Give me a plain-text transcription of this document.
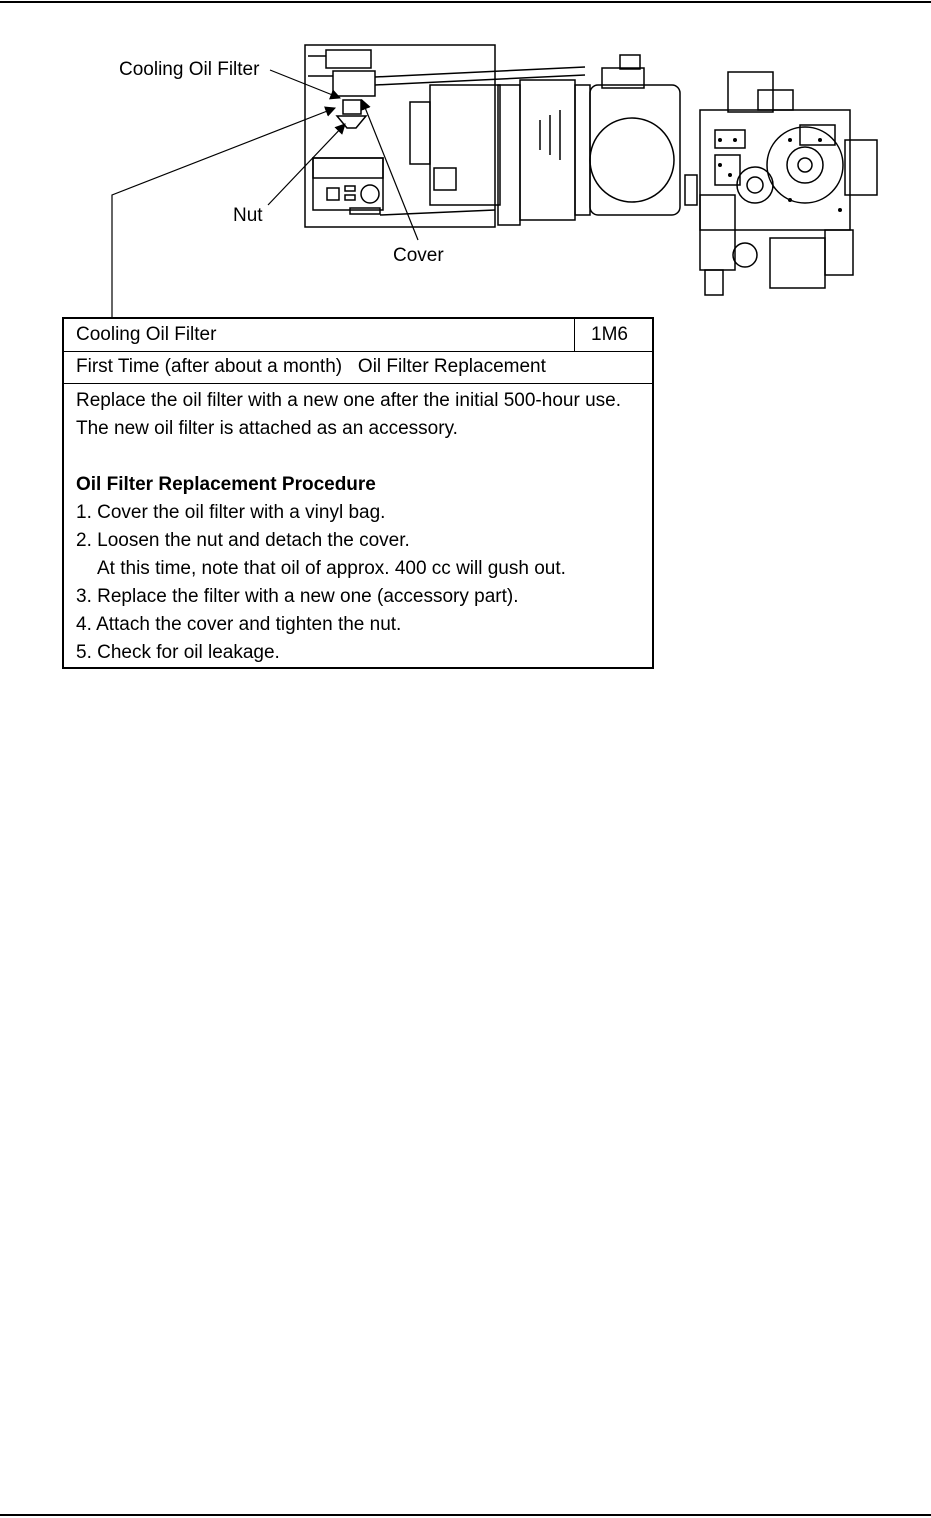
Cooling Oil Filter
Nut
Cover
Cooling Oil Filter	1M6
First Time (after about a month)   Oil Filter Replacement
Replace the oil filter with a new one after the initial 500-hour use.
The new oil filter is attached as an accessory.
Oil Filter Replacement Procedure
1. Cover the oil filter with a vinyl bag.
2. Loosen the nut and detach the cover.
At this time, note that oil of approx. 400 cc will gush out.
3. Replace the filter with a new one (accessory part).
4. Attach the cover and tighten the nut.
5. Check for oil leakage.
